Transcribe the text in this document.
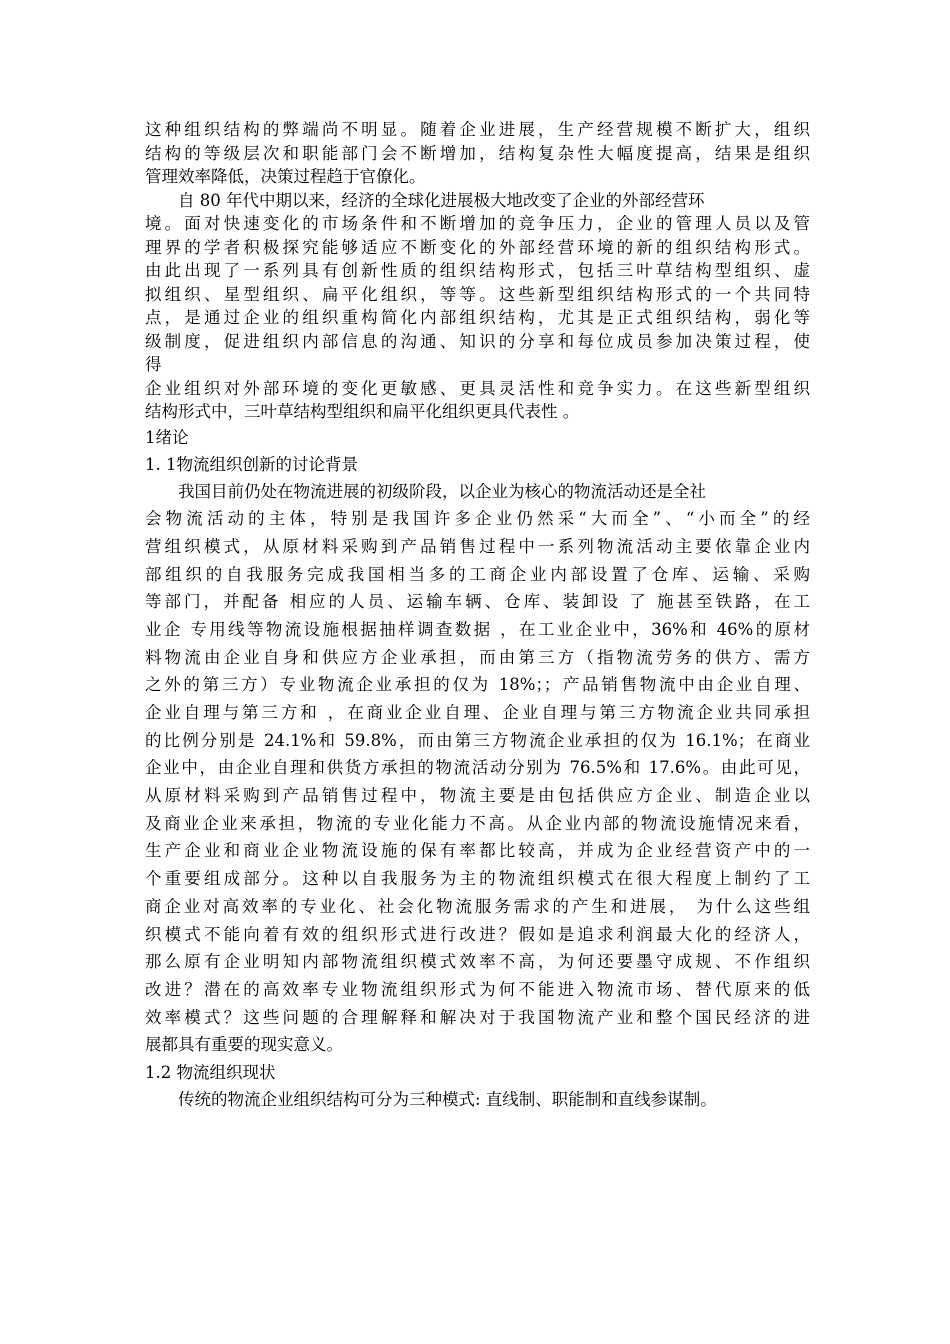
这种组织结构的弊端尚不明显。随着企业进展，生产经营规模不断扩大，组织
结构的等级层次和职能部门会不断增加，结构复杂性大幅度提高，结果是组织
管理效率降低，决策过程趋于官僚化。
自 80 年代中期以来，经济的全球化进展极大地改变了企业的外部经营环
境。面对快速变化的市场条件和不断增加的竞争压力，企业的管理人员以及管
理界的学者积极探究能够适应不断变化的外部经营环境的新的组织结构形式。
由此出现了一系列具有创新性质的组织结构形式，包括三叶草结构型组织、虚
拟组织、星型组织、扁平化组织，等等。这些新型组织结构形式的一个共同特
点，是通过企业的组织重构简化内部组织结构，尤其是正式组织结构，弱化等
级制度，促进组织内部信息的沟通、知识的分享和每位成员参加决策过程，使
得
企业组织对外部环境的变化更敏感、更具灵活性和竞争实力。在这些新型组织
结构形式中，三叶草结构型组织和扁平化组织更具代表性 。
1绪论
1. 1物流组织创新的讨论背景
我国目前仍处在物流进展的初级阶段，以企业为核心的物流活动还是全社
会物流活动的主体，特别是我国许多企业仍然采“大而全”、“小而全”的经
营组织模式，从原材料采购到产品销售过程中一系列物流活动主要依靠企业内
部组织的自我服务完成我国相当多的工商企业内部设置了仓库、运输、采购
等部门，并配备 相应的人员、运输车辆、仓库、装卸设 了 施甚至铁路，在工
业企 专用线等物流设施根据抽样调查数据 ，在工业企业中，36%和 46%的原材
料物流由企业自身和供应方企业承担，而由第三方（指物流劳务的供方、需方
之外的第三方）专业物流企业承担的仅为 18%；；产品销售物流中由企业自理、
企业自理与第三方和 ，在商业企业自理、企业自理与第三方物流企业共同承担
的比例分别是 24.1%和 59.8%，而由第三方物流企业承担的仅为 16.1%；在商业
企业中，由企业自理和供货方承担的物流活动分别为 76.5%和 17.6%。由此可见，
从原材料采购到产品销售过程中，物流主要是由包括供应方企业、制造企业以
及商业企业来承担，物流的专业化能力不高。从企业内部的物流设施情况来看，
生产企业和商业企业物流设施的保有率都比较高，并成为企业经营资产中的一
个重要组成部分。这种以自我服务为主的物流组织模式在很大程度上制约了工
商企业对高效率的专业化、社会化物流服务需求的产生和进展， 为什么这些组
织模式不能向着有效的组织形式进行改进？假如是追求利润最大化的经济人，
那么原有企业明知内部物流组织模式效率不高，为何还要墨守成规、不作组织
改进？潜在的高效率专业物流组织形式为何不能进入物流市场、替代原来的低
效率模式？这些问题的合理解释和解决对于我国物流产业和整个国民经济的进
展都具有重要的现实意义。
1.2 物流组织现状
传统的物流企业组织结构可分为三种模式: 直线制、职能制和直线参谋制。
